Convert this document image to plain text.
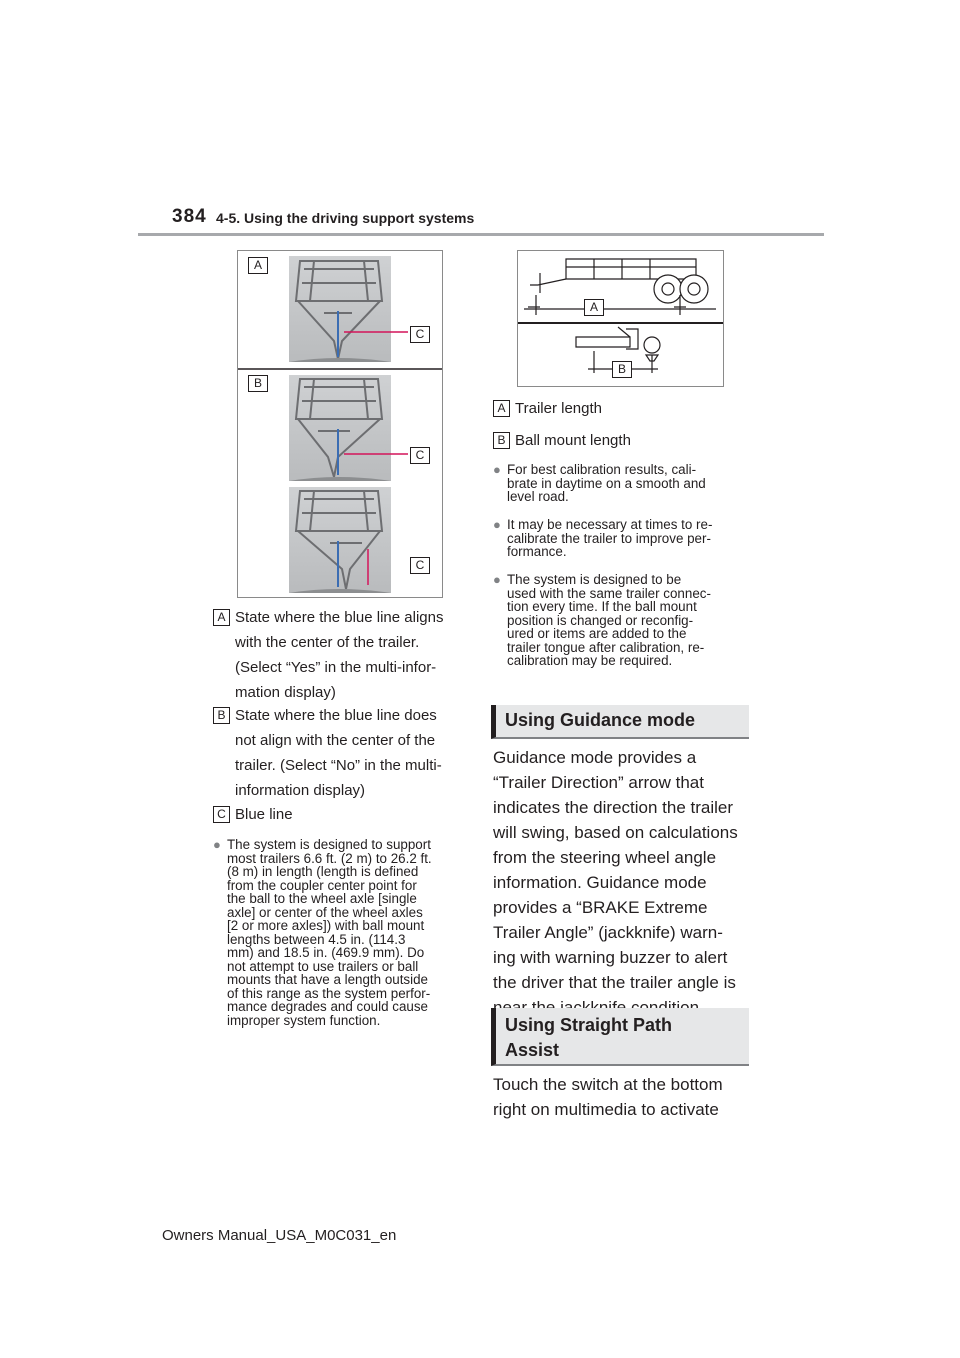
384 4-5. Using the driving support systems
A
B
C
C
C
A
B
A State where the blue line aligns
with the center of the trailer.
(Select “Yes” in the multi-infor-
mation display)
B State where the blue line does
not align with the center of the
trailer. (Select “No” in the multi-
information display)
C Blue line
● The system is designed to support
most trailers 6.6 ft. (2 m) to 26.2 ft.
(8 m) in length (length is defined
from the coupler center point for
the ball to the wheel axle [single
axle] or center of the wheel axles
[2 or more axles]) with ball mount
lengths between 4.5 in. (114.3
mm) and 18.5 in. (469.9 mm). Do
not attempt to use trailers or ball
mounts that have a length outside
of this range as the system perfor-
mance degrades and could cause
improper system function.
A Trailer length
B Ball mount length
● For best calibration results, cali-
brate in daytime on a smooth and
level road.
● It may be necessary at times to re-
calibrate the trailer to improve per-
formance.
● The system is designed to be
used with the same trailer connec-
tion every time. If the ball mount
position is changed or reconfig-
ured or items are added to the
trailer tongue after calibration, re-
calibration may be required.
Using Guidance mode
Guidance mode provides a
“Trailer Direction” arrow that
indicates the direction the trailer
will swing, based on calculations
from the steering wheel angle
information. Guidance mode
provides a “BRAKE Extreme
Trailer Angle” (jackknife) warn-
ing with warning buzzer to alert
the driver that the trailer angle is
Using Straight Path
Assist
Touch the switch at the bottom
right on multimedia to activate
Owners Manual_USA_M0C031_en
